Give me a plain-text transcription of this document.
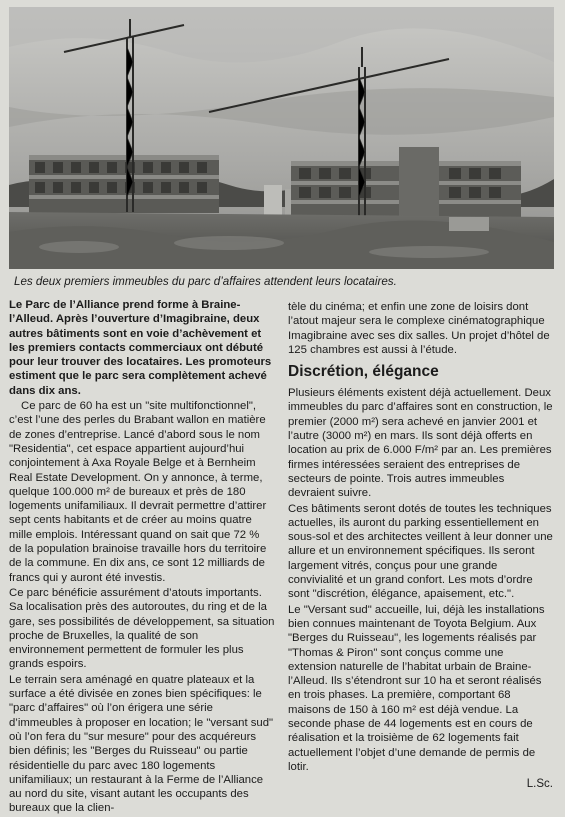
Les deux premiers immeubles du parc d’affaires attendent leurs locataires.

Le Parc de l’Alliance prend forme à Braine-l’Alleud. Après l’ouverture d’Imagibraine, deux autres bâtiments sont en voie d’achèvement et les premiers contacts commerciaux ont débuté pour leur trouver des locataires. Les promoteurs estiment que le parc sera complètement achevé dans dix ans.

Ce parc de 60 ha est un "site multifonctionnel", c’est l’une des perles du Brabant wallon en matière de zones d’entreprise. Lancé d’abord sous le nom "Residentia", cet espace appartient aujourd’hui conjointement à Axa Royale Belge et à Bernheim Real Estate Development. On y annonce, à terme, quelque 100.000 m² de bureaux et près de 180 logements unifamiliaux. Il devrait permettre d’attirer sept cents habitants et de créer au moins quatre mille emplois. Intéressant quand on sait que 72 % de la population brainoise travaille hors du territoire de la commune. En dix ans, ce sont 12 milliards de francs qui y auront été investis.

Ce parc bénéficie assurément d’atouts importants. Sa localisation près des autoroutes, du ring et de la gare, ses possibilités de développement, sa situation proche de Bruxelles, la qualité de son environnement permettent de formuler les plus grands espoirs.

Le terrain sera aménagé en quatre plateaux et la surface a été divisée en zones bien spécifiques: le "parc d’affaires" où l’on érigera une série d’immeubles à proposer en location; le "versant sud" où l’on fera du "sur mesure" pour des acquéreurs bien définis; les "Berges du Ruisseau" ou partie résidentielle du parc avec 180 logements unifamiliaux; un restaurant à la Ferme de l’Alliance au nord du site, visant autant les occupants des bureaux que la clien-

tèle du cinéma; et enfin une zone de loisirs dont l’atout majeur sera le complexe cinématographique Imagibraine avec ses dix salles. Un projet d’hôtel de 125 chambres est aussi à l’étude.

Discrétion, élégance

Plusieurs éléments existent déjà actuellement. Deux immeubles du parc d’affaires sont en construction, le premier (2000 m²) sera achevé en janvier 2001 et l’autre (3000 m²) en mars. Ils sont déjà offerts en location au prix de 6.000 F/m² par an. Les premières firmes intéressées seraient des entreprises de secteurs de pointe. Trois autres immeubles devraient suivre.

Ces bâtiments seront dotés de toutes les techniques actuelles, ils auront du parking essentiellement en sous-sol et des architectes veillent à leur donner une allure et un environnement spécifiques. Ils seront largement vitrés, conçus pour une grande convivialité et un grand confort. Les mots d’ordre sont "discrétion, élégance, apaisement, etc.".

Le "Versant sud" accueille, lui, déjà les installations bien connues maintenant de Toyota Belgium. Aux "Berges du Ruisseau", les logements réalisés par "Thomas & Piron" sont conçus comme une extension naturelle de l’habitat urbain de Braine-l’Alleud. Ils s’étendront sur 10 ha et seront réalisés en trois phases. La première, comportant 68 maisons de 150 à 160 m² est déjà vendue. La seconde phase de 44 logements est en cours de réalisation et la troisième de 62 logements fait actuellement l’objet d’une demande de permis de lotir.

L.Sc.
